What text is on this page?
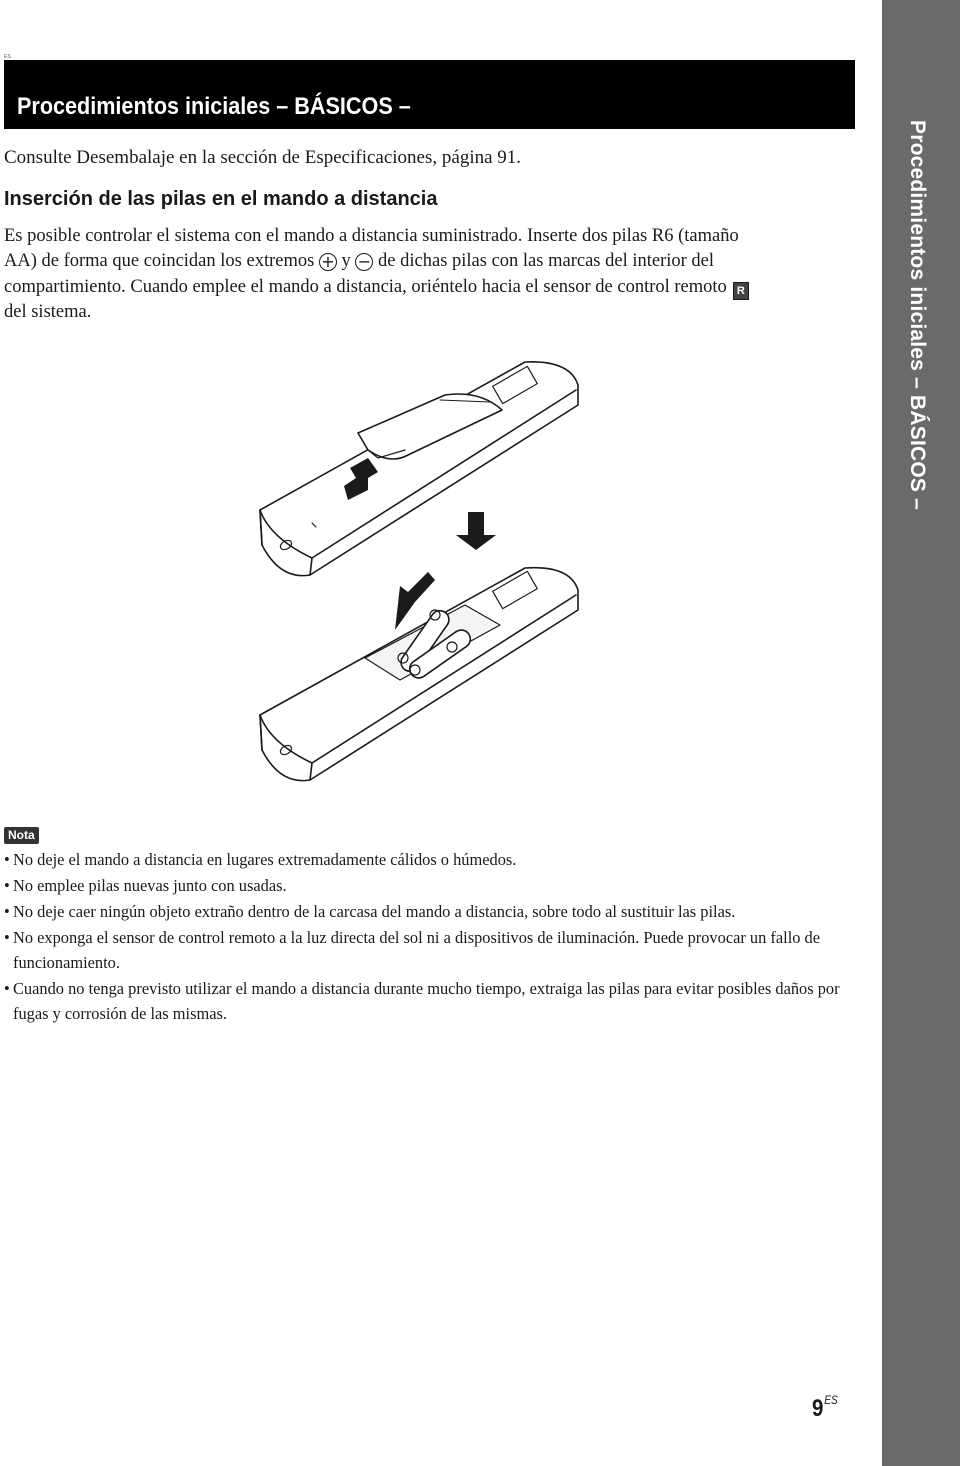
Procedimientos iniciales – BÁSICOS –
ES
Procedimientos iniciales – BÁSICOS –
Consulte Desembalaje en la sección de Especificaciones, página 91.
Inserción de las pilas en el mando a distancia
Es posible controlar el sistema con el mando a distancia suministrado. Inserte dos pilas R6 (tamaño
AA) de forma que coincidan los extremos + y − de dichas pilas con las marcas del interior del
compartimiento. Cuando emplee el mando a distancia, oriéntelo hacia el sensor de control remoto R
del sistema.
Nota
• No deje el mando a distancia en lugares extremadamente cálidos o húmedos.
• No emplee pilas nuevas junto con usadas.
• No deje caer ningún objeto extraño dentro de la carcasa del mando a distancia, sobre todo al sustituir las pilas.
• No exponga el sensor de control remoto a la luz directa del sol ni a dispositivos de iluminación. Puede provocar un fallo de funcionamiento.
• Cuando no tenga previsto utilizar el mando a distancia durante mucho tiempo, extraiga las pilas para evitar posibles daños por fugas y corrosión de las mismas.
$9^{ES}$
